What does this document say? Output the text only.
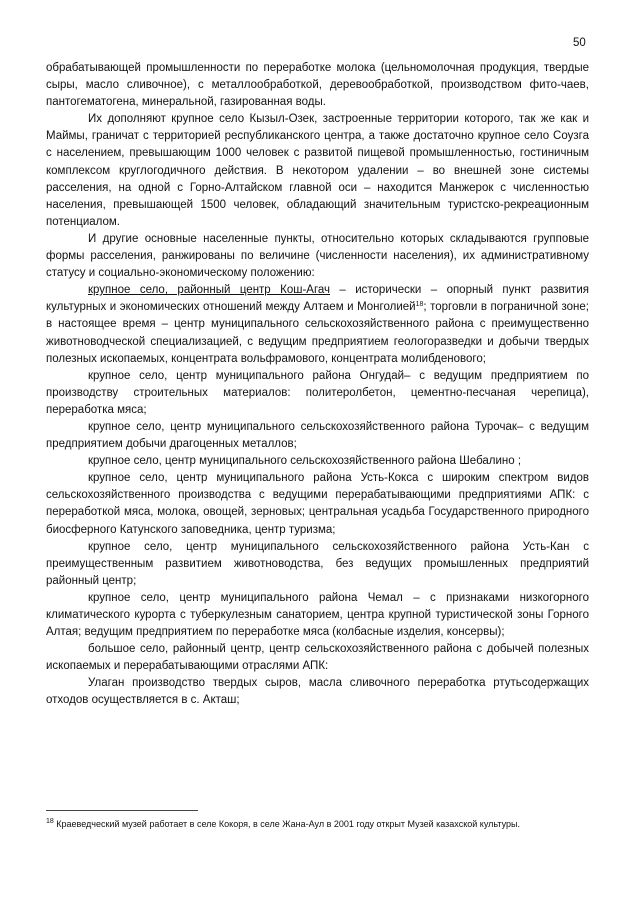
50

обрабатывающей промышленности по переработке молока (цельномолочная продукция, твердые сыры, масло сливочное), с металлообработкой, деревообработкой, производством фито-чаев, пантогематогена, минеральной, газированная воды.

Их дополняют крупное село Кызыл-Озек, застроенные территории которого, так же как и Маймы, граничат с территорией республиканского центра, а также достаточно крупное село Соузга с населением, превышающим 1000 человек с развитой пищевой промышленностью, гостиничным комплексом круглогодичного действия. В некотором удалении – во внешней зоне системы расселения, на одной с Горно-Алтайском главной оси – находится Манжерок с численностью населения, превышающей 1500 человек, обладающий значительным туристско-рекреационным потенциалом.

И другие основные населенные пункты, относительно которых складываются групповые формы расселения, ранжированы по величине (численности населения), их административному статусу и социально-экономическому положению:

крупное село, районный центр Кош-Агач – исторически – опорный пункт развития культурных и экономических отношений между Алтаем и Монголией$^{18}$; торговли в пограничной зоне; в настоящее время – центр муниципального сельскохозяйственного района с преимущественно животноводческой специализацией, с ведущим предприятием геологоразведки и добычи твердых полезных ископаемых, концентрата вольфрамового, концентрата молибденового;

крупное село, центр муниципального района Онгудай– с ведущим предприятием по производству строительных материалов: политеролбетон, цементно-песчаная черепица), переработка мяса;

крупное село, центр муниципального сельскохозяйственного района Турочак– с ведущим предприятием добычи драгоценных металлов;

крупное село, центр муниципального сельскохозяйственного района Шебалино ;

крупное село, центр муниципального района Усть-Кокса с широким спектром видов сельскохозяйственного производства с ведущими перерабатывающими предприятиями АПК: с переработкой мяса, молока, овощей, зерновых; центральная усадьба Государственного природного биосферного Катунского заповедника, центр туризма;

крупное село, центр муниципального сельскохозяйственного района Усть-Кан с преимущественным развитием животноводства, без ведущих промышленных предприятий районный центр;

крупное село, центр муниципального района Чемал – с признаками низкогорного климатического курорта с туберкулезным санаторием, центра крупной туристической зоны Горного Алтая; ведущим предприятием по переработке мяса (колбасные изделия, консервы);

большое село, районный центр, центр сельскохозяйственного района с добычей полезных ископаемых и перерабатывающими отраслями АПК:

Улаган производство твердых сыров, масла сливочного переработка ртутьсодержащих отходов осуществляется в с. Акташ;

$^{18}$ Краеведческий музей работает в селе Кокоря, в селе Жана-Аул в 2001 году открыт Музей казахской культуры.
